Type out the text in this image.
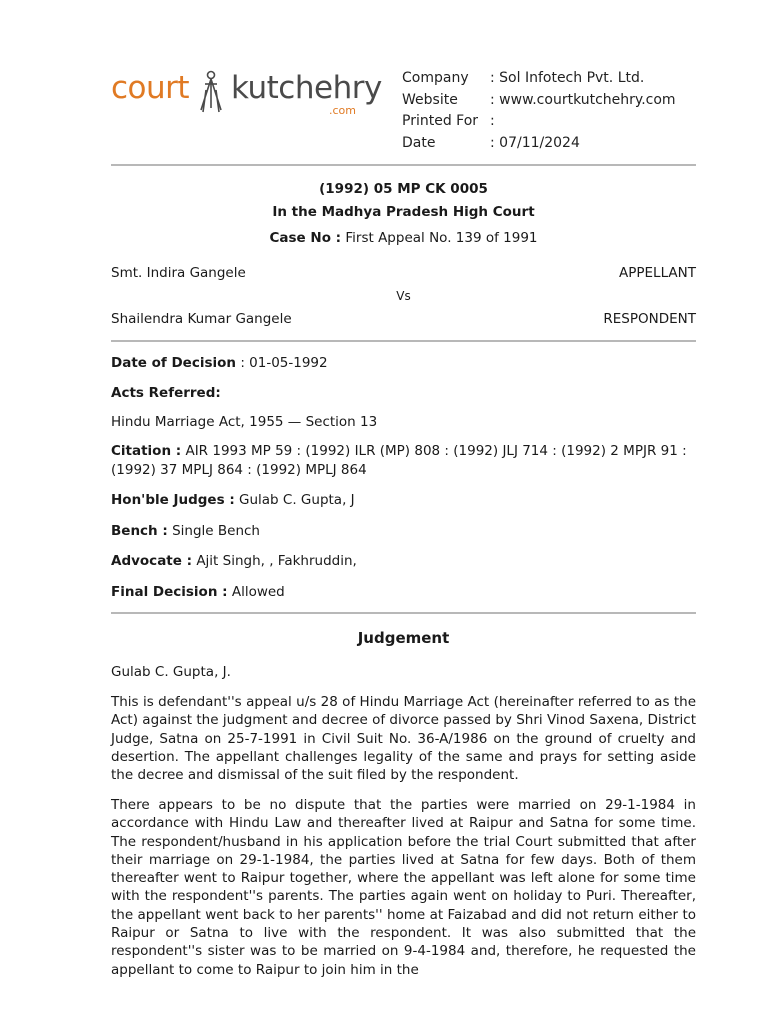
court kutchehry
.com
Company	: Sol Infotech Pvt. Ltd.
Website	: www.courtkutchehry.com
Printed For :
Date	: 07/11/2024
(1992) 05 MP CK 0005
In the Madhya Pradesh High Court
Case No : First Appeal No. 139 of 1991
Smt. Indira Gangele	APPELLANT
Vs
Shailendra Kumar Gangele	RESPONDENT
Date of Decision : 01-05-1992
Acts Referred:
Hindu Marriage Act, 1955 — Section 13
Citation : AIR 1993 MP 59 : (1992) ILR (MP) 808 : (1992) JLJ 714 : (1992) 2 MPJR 91 : (1992) 37 MPLJ 864 : (1992) MPLJ 864
Hon'ble Judges : Gulab C. Gupta, J
Bench : Single Bench
Advocate : Ajit Singh, , Fakhruddin,
Final Decision : Allowed
Judgement
Gulab C. Gupta, J.
This is defendant''s appeal u/s 28 of Hindu Marriage Act (hereinafter referred to as the Act) against the judgment and decree of divorce passed by Shri Vinod Saxena, District Judge, Satna on 25-7-1991 in Civil Suit No. 36-A/1986 on the ground of cruelty and desertion. The appellant challenges legality of the same and prays for setting aside the decree and dismissal of the suit filed by the respondent.
There appears to be no dispute that the parties were married on 29-1-1984 in accordance with Hindu Law and thereafter lived at Raipur and Satna for some time. The respondent/husband in his application before the trial Court submitted that after their marriage on 29-1-1984, the parties lived at Satna for few days. Both of them thereafter went to Raipur together, where the appellant was left alone for some time with the respondent''s parents. The parties again went on holiday to Puri. Thereafter, the appellant went back to her parents'' home at Faizabad and did not return either to Raipur or Satna to live with the respondent. It was also submitted that the respondent''s sister was to be married on 9-4-1984 and, therefore, he requested the appellant to come to Raipur to join him in the
